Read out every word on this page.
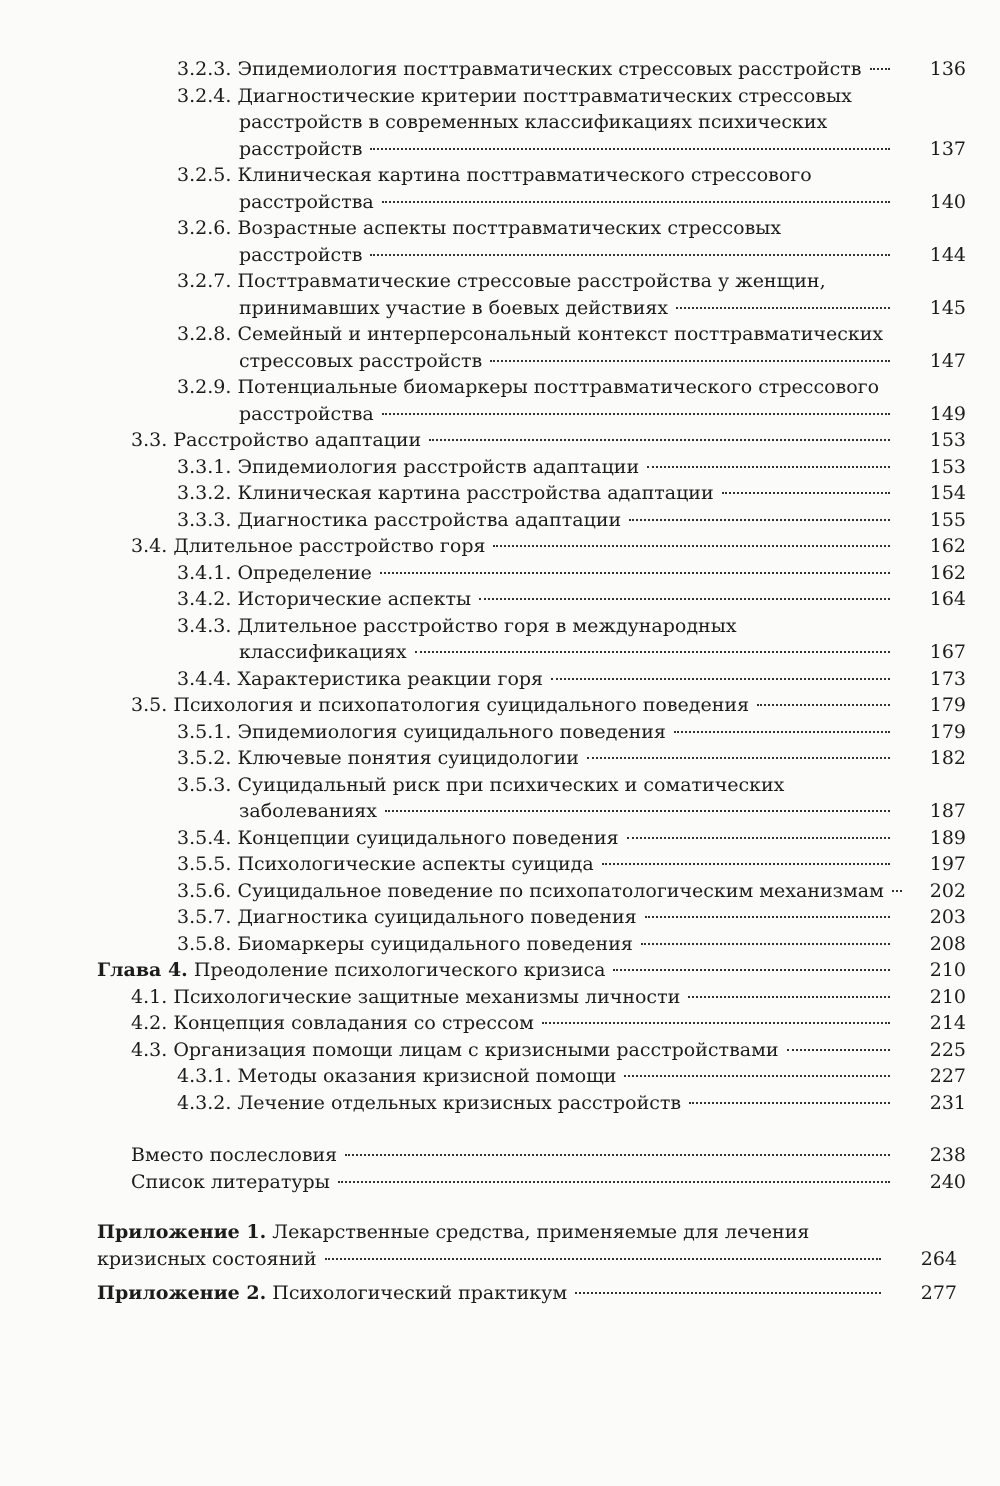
3.2.3. Эпидемиология посттравматических стрессовых расстройств	136
3.2.4. Диагностические критерии посттравматических стрессовых
расстройств в современных классификациях психических
расстройств	137
3.2.5. Клиническая картина посттравматического стрессового
расстройства	140
3.2.6. Возрастные аспекты посттравматических стрессовых
расстройств	144
3.2.7. Посттравматические стрессовые расстройства у женщин,
принимавших участие в боевых действиях	145
3.2.8. Семейный и интерперсональный контекст посттравматических
стрессовых расстройств	147
3.2.9. Потенциальные биомаркеры посттравматического стрессового
расстройства	149
3.3. Расстройство адаптации	153
3.3.1. Эпидемиология расстройств адаптации	153
3.3.2. Клиническая картина расстройства адаптации	154
3.3.3. Диагностика расстройства адаптации	155
3.4. Длительное расстройство горя	162
3.4.1. Определение	162
3.4.2. Исторические аспекты	164
3.4.3. Длительное расстройство горя в международных
классификациях	167
3.4.4. Характеристика реакции горя	173
3.5. Психология и психопатология суицидального поведения	179
3.5.1. Эпидемиология суицидального поведения	179
3.5.2. Ключевые понятия суицидологии	182
3.5.3. Суицидальный риск при психических и соматических
заболеваниях	187
3.5.4. Концепции суицидального поведения	189
3.5.5. Психологические аспекты суицида	197
3.5.6. Суицидальное поведение по психопатологическим механизмам	202
3.5.7. Диагностика суицидального поведения	203
3.5.8. Биомаркеры суицидального поведения	208
Глава 4. Преодоление психологического кризиса	210
4.1. Психологические защитные механизмы личности	210
4.2. Концепция совладания со стрессом	214
4.3. Организация помощи лицам с кризисными расстройствами	225
4.3.1. Методы оказания кризисной помощи	227
4.3.2. Лечение отдельных кризисных расстройств	231
Вместо послесловия	238
Список литературы	240
Приложение 1. Лекарственные средства, применяемые для лечения
кризисных состояний	264
Приложение 2. Психологический практикум	277
